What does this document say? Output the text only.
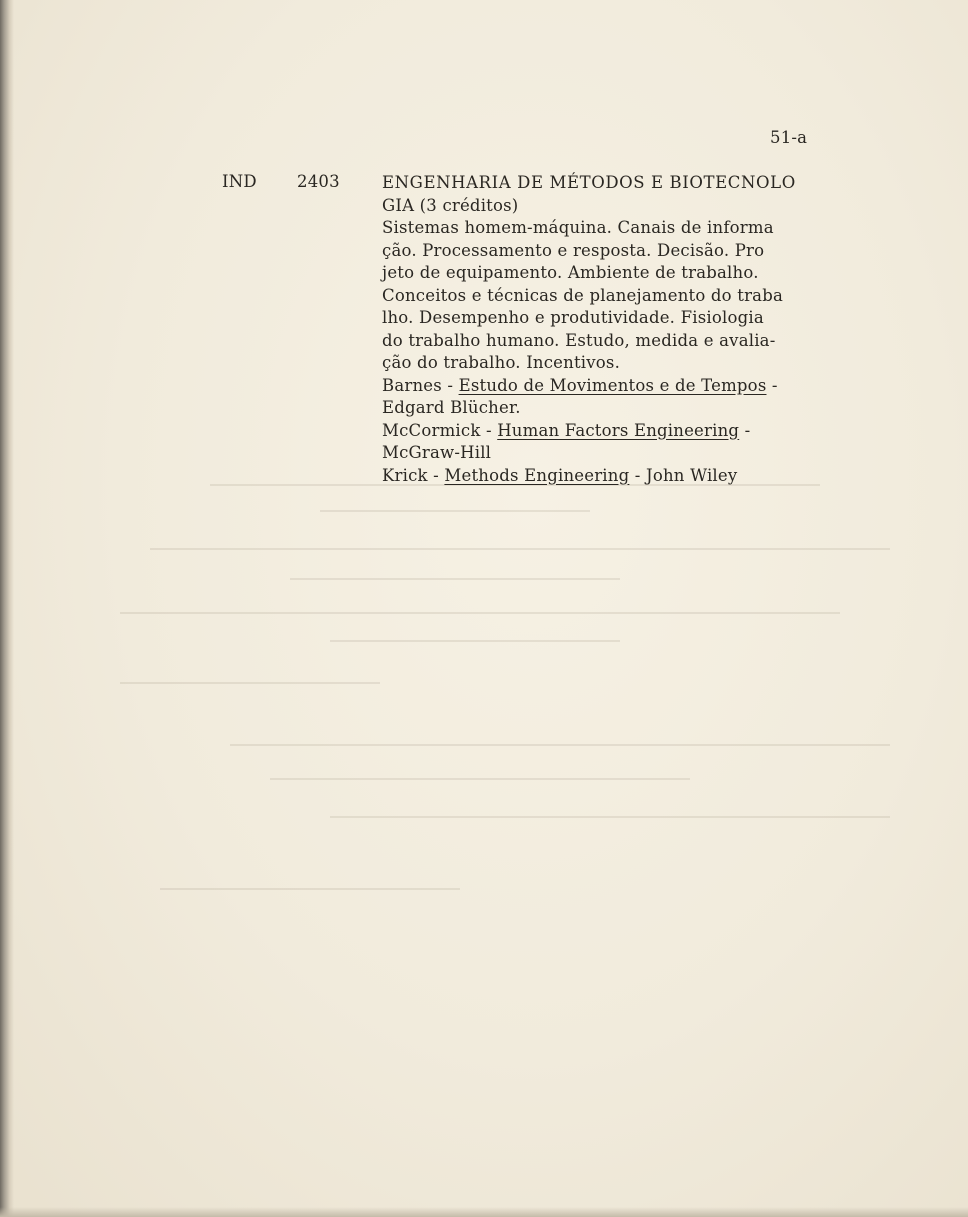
51-a
IND 2403	ENGENHARIA DE MÉTODOS E BIOTECNOLO
GIA (3 créditos)
Sistemas homem-máquina. Canais de informa
ção. Processamento e resposta. Decisão. Pro
jeto de equipamento. Ambiente de trabalho.
Conceitos e técnicas de planejamento do traba
lho. Desempenho e produtividade. Fisiologia
do trabalho humano. Estudo, medida e avalia-
ção do trabalho. Incentivos.
Barnes - Estudo de Movimentos e de Tempos -
Edgard Blücher.
McCormick - Human Factors Engineering -
McGraw-Hill
Krick - Methods Engineering - John Wiley
